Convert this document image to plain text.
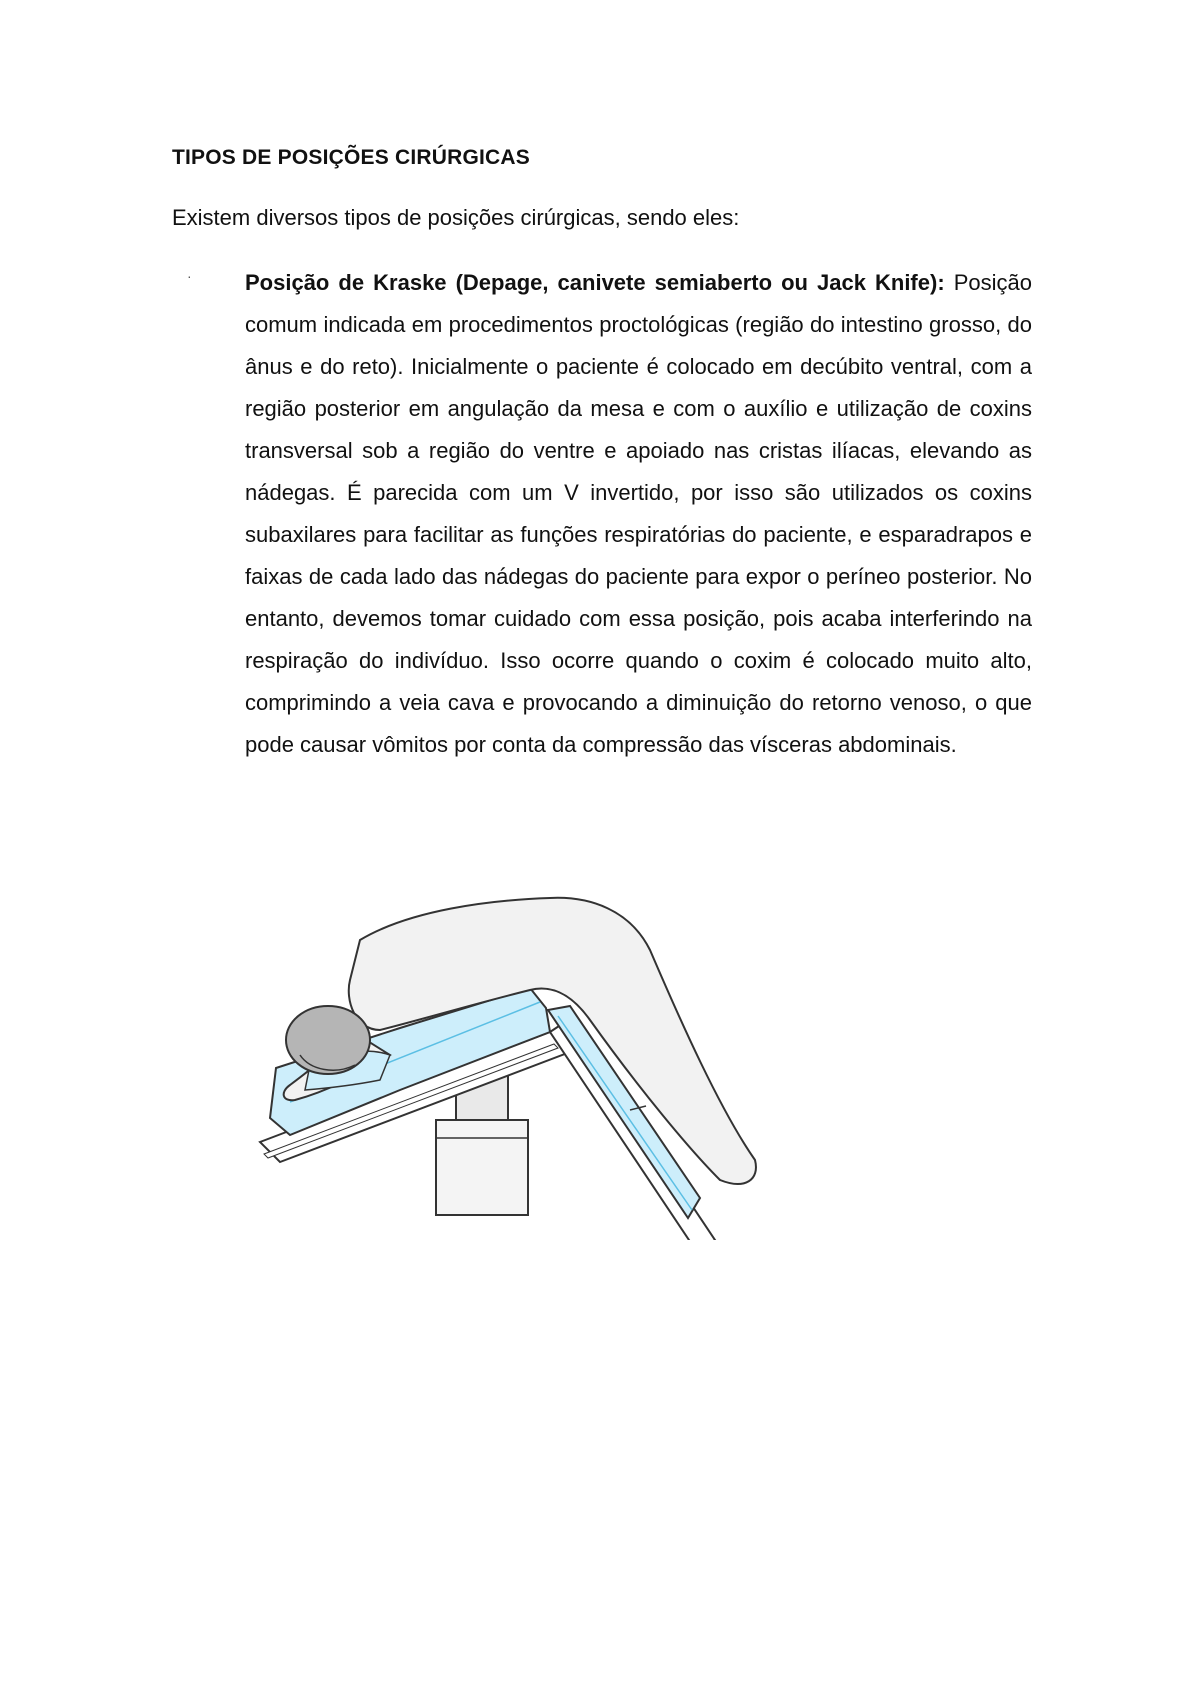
TIPOS DE POSIÇÕES CIRÚRGICAS

Existem diversos tipos de posições cirúrgicas, sendo eles:

· Posição de Kraske (Depage, canivete semiaberto ou Jack Knife): Posição comum indicada em procedimentos proctológicas (região do intestino grosso, do ânus e do reto). Inicialmente o paciente é colocado em decúbito ventral, com a região posterior em angulação da mesa e com o auxílio e utilização de coxins transversal sob a região do ventre e apoiado nas cristas ilíacas, elevando as nádegas. É parecida com um V invertido, por isso são utilizados os coxins subaxilares para facilitar as funções respiratórias do paciente, e esparadrapos e faixas de cada lado das nádegas do paciente para expor o períneo posterior. No entanto, devemos tomar cuidado com essa posição, pois acaba interferindo na respiração do indivíduo. Isso ocorre quando o coxim é colocado muito alto, comprimindo a veia cava e provocando a diminuição do retorno venoso, o que pode causar vômitos por conta da compressão das vísceras abdominais.
